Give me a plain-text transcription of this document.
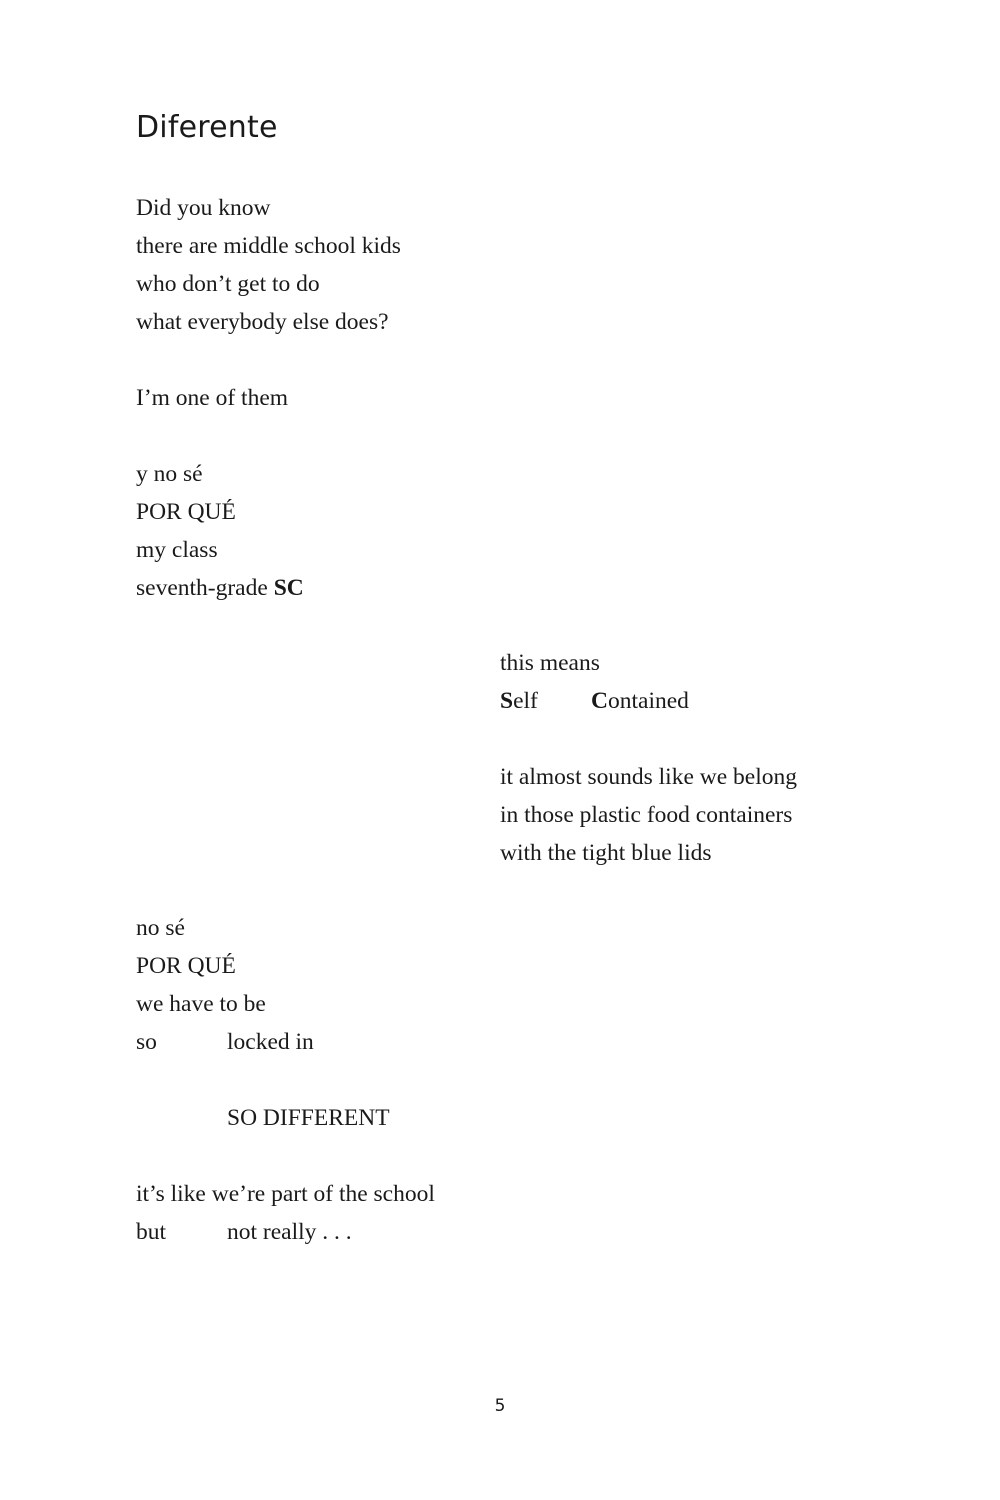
Diferente

Did you know

there are middle school kids

who don’t get to do

what everybody else does?

I’m one of them

y no sé

POR QUÉ

my class

seventh-grade SC

this means

Self Contained

it almost sounds like we belong

in those plastic food containers

with the tight blue lids

no sé

POR QUÉ

we have to be

so	locked in

SO DIFFERENT

it’s like we’re part of the school

but	not really . . .

5
